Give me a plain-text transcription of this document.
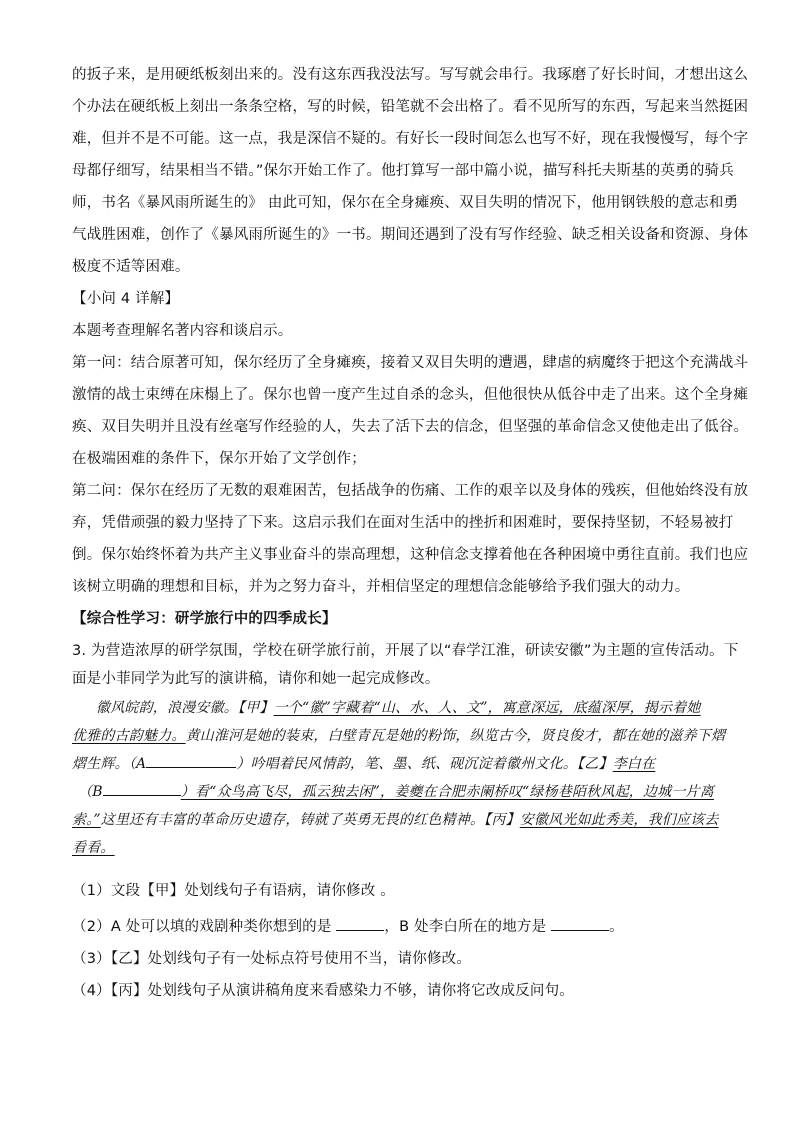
的扳子来，是用硬纸板刻出来的。没有这东西我没法写。写写就会串行。我琢磨了好长时间，才想出这么
个办法在硬纸板上刻出一条条空格，写的时候，铅笔就不会出格了。看不见所写的东西，写起来当然挺困
难，但并不是不可能。这一点，我是深信不疑的。有好长一段时间怎么也写不好，现在我慢慢写，每个字
母都仔细写，结果相当不错。”保尔开始工作了。他打算写一部中篇小说，描写科托夫斯基的英勇的骑兵
师，书名《暴风雨所诞生的》 由此可知，保尔在全身瘫痪、双目失明的情况下，他用钢铁般的意志和勇
气战胜困难，创作了《暴风雨所诞生的》一书。期间还遇到了没有写作经验、缺乏相关设备和资源、身体
极度不适等困难。
【小问 4 详解】
本题考查理解名著内容和谈启示。
第一问：结合原著可知，保尔经历了全身瘫痪，接着又双目失明的遭遇，肆虐的病魔终于把这个充满战斗
激情的战士束缚在床榻上了。保尔也曾一度产生过自杀的念头，但他很快从低谷中走了出来。这个全身瘫
痪、双目失明并且没有丝毫写作经验的人，失去了活下去的信念，但坚强的革命信念又使他走出了低谷。
在极端困难的条件下，保尔开始了文学创作；
第二问：保尔在经历了无数的艰难困苦，包括战争的伤痛、工作的艰辛以及身体的残疾，但他始终没有放
弃，凭借顽强的毅力坚持了下来。这启示我们在面对生活中的挫折和困难时，要保持坚韧，不轻易被打
倒。保尔始终怀着为共产主义事业奋斗的崇高理想，这种信念支撑着他在各种困境中勇往直前。我们也应
该树立明确的理想和目标，并为之努力奋斗，并相信坚定的理想信念能够给予我们强大的动力。
【综合性学习：研学旅行中的四季成长】
3. 为营造浓厚的研学氛围，学校在研学旅行前，开展了以“春学江淮，研读安徽”为主题的宣传活动。下
面是小菲同学为此写的演讲稿，请你和她一起完成修改。
徽风皖韵，浪漫安徽。【甲】一个“徽”字藏着“山、水、人、文”，寓意深远，底蕴深厚，揭示着她
优雅的古韵魅力。黄山淮河是她的装束，白壁青瓦是她的粉饰，纵览古今，贤良俊才，都在她的滋养下熠
熠生辉。（A	）吟唱着民风情韵，笔、墨、纸、砚沉淀着徽州文化。【乙】李白在
（B	）看“众鸟高飞尽，孤云独去闲”，姜夔在合肥赤阑桥叹“绿杨巷陌秋风起，边城一片离
索。”这里还有丰富的革命历史遗存，铸就了英勇无畏的红色精神。【丙】安徽风光如此秀美，我们应该去
看看。
（1）文段【甲】处划线句子有语病，请你修改 。
（2）A 处可以填的戏剧种类你想到的是	，B 处李白所在的地方是	。
（3）【乙】处划线句子有一处标点符号使用不当，请你修改。
（4）【丙】处划线句子从演讲稿角度来看感染力不够，请你将它改成反问句。
